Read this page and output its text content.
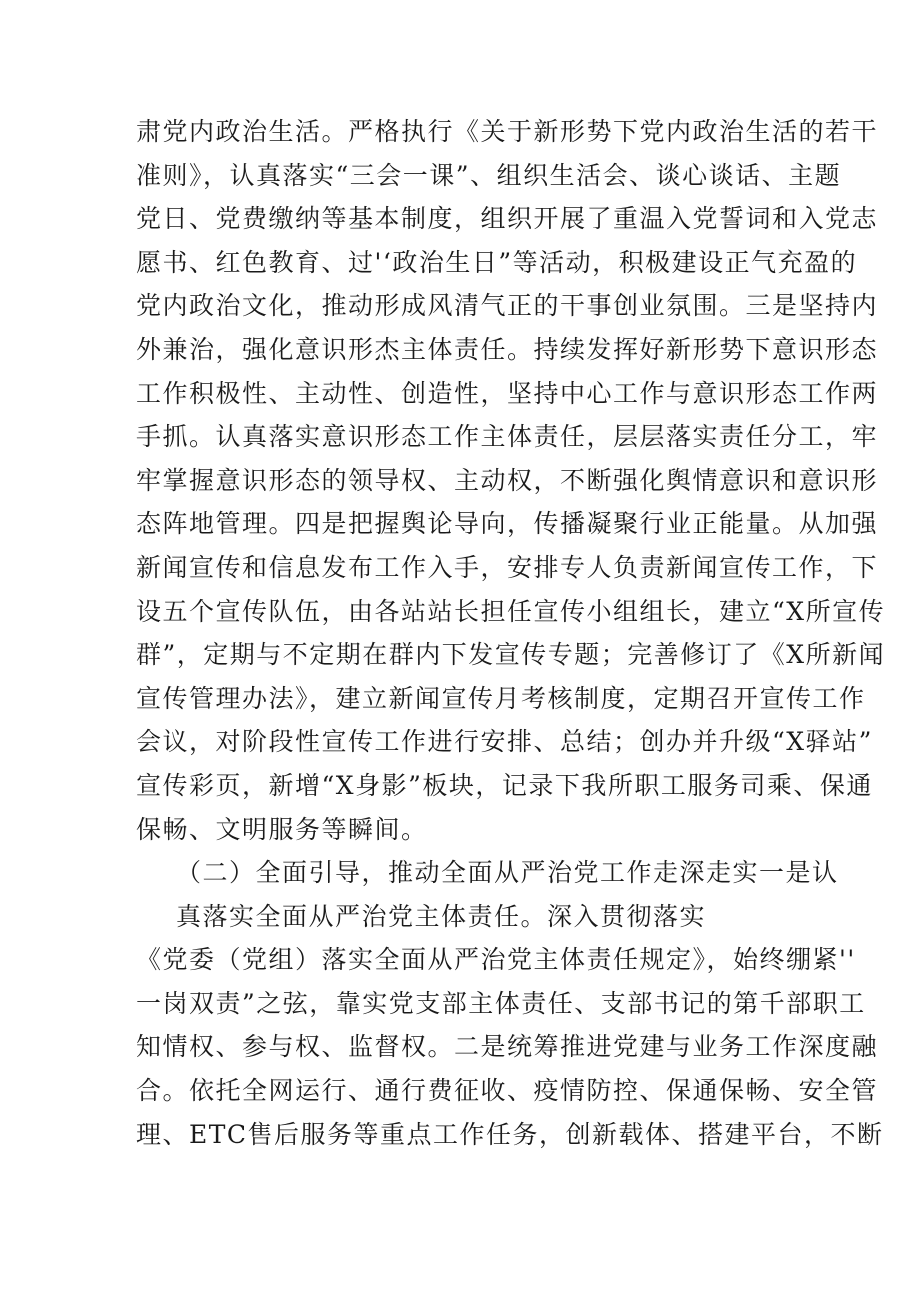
肃党内政治生活。严格执行《关于新形势下党内政治生活的若干
准则》，认真落实“三会一课”、组织生活会、谈心谈话、主题
党日、党费缴纳等基本制度，组织开展了重温入党誓词和入党志
愿书、红色教育、过'‘政治生日”等活动，积极建设正气充盈的
党内政治文化，推动形成风清气正的干事创业氛围。三是坚持内
外兼治，强化意识形杰主体责任。持续发挥好新形势下意识形态
工作积极性、主动性、创造性，坚持中心工作与意识形态工作两
手抓。认真落实意识形态工作主体责任，层层落实责任分工，牢
牢掌握意识形态的领导权、主动权，不断强化舆情意识和意识形
态阵地管理。四是把握舆论导向，传播凝聚行业正能量。从加强
新闻宣传和信息发布工作入手，安排专人负责新闻宣传工作，下
设五个宣传队伍，由各站站长担任宣传小组组长，建立“X所宣传
群”，定期与不定期在群内下发宣传专题；完善修订了《X所新闻
宣传管理办法》，建立新闻宣传月考核制度，定期召开宣传工作
会议，对阶段性宣传工作进行安排、总结；创办并升级“X驿站”
宣传彩页，新增“X身影”板块，记录下我所职工服务司乘、保通
保畅、文明服务等瞬间。
（二）全面引导，推动全面从严治党工作走深走实一是认
真落实全面从严治党主体责任。深入贯彻落实
《党委（党组）落实全面从严治党主体责任规定》，始终绷紧''
一岗双责”之弦，靠实党支部主体责任、支部书记的第千部职工
知情权、参与权、监督权。二是统筹推进党建与业务工作深度融
合。依托全网运行、通行费征收、疫情防控、保通保畅、安全管
理、ETC售后服务等重点工作任务，创新载体、搭建平台，不断
